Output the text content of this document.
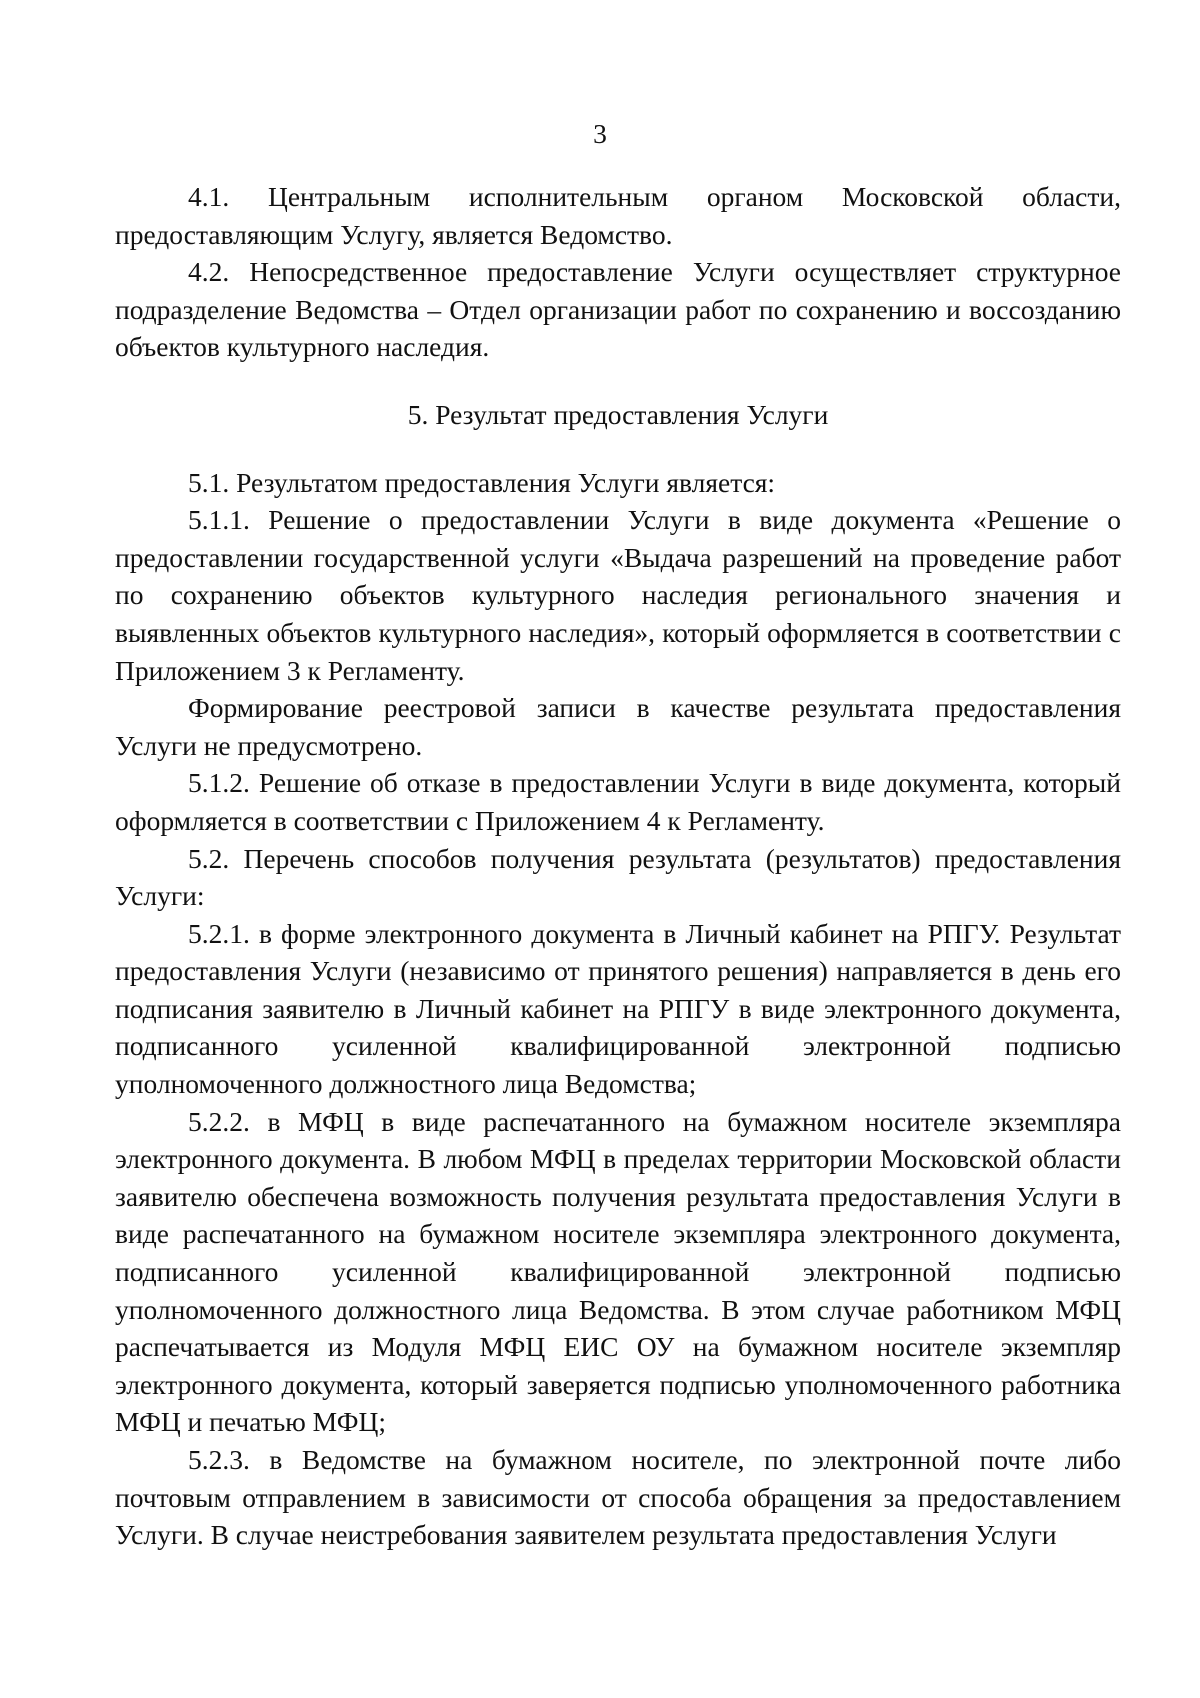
3

4.1. Центральным исполнительным органом Московской области, предоставляющим Услугу, является Ведомство.

4.2. Непосредственное предоставление Услуги осуществляет структурное подразделение Ведомства – Отдел организации работ по сохранению и воссозданию объектов культурного наследия.

5. Результат предоставления Услуги

5.1. Результатом предоставления Услуги является:

5.1.1. Решение о предоставлении Услуги в виде документа «Решение о предоставлении государственной услуги «Выдача разрешений на проведение работ по сохранению объектов культурного наследия регионального значения и выявленных объектов культурного наследия», который оформляется в соответствии с Приложением 3 к Регламенту.

Формирование реестровой записи в качестве результата предоставления Услуги не предусмотрено.

5.1.2. Решение об отказе в предоставлении Услуги в виде документа, который оформляется в соответствии с Приложением 4 к Регламенту.

5.2. Перечень способов получения результата (результатов) предоставления Услуги:

5.2.1. в форме электронного документа в Личный кабинет на РПГУ. Результат предоставления Услуги (независимо от принятого решения) направляется в день его подписания заявителю в Личный кабинет на РПГУ в виде электронного документа, подписанного усиленной квалифицированной электронной подписью уполномоченного должностного лица Ведомства;

5.2.2. в МФЦ в виде распечатанного на бумажном носителе экземпляра электронного документа. В любом МФЦ в пределах территории Московской области заявителю обеспечена возможность получения результата предоставления Услуги в виде распечатанного на бумажном носителе экземпляра электронного документа, подписанного усиленной квалифицированной электронной подписью уполномоченного должностного лица Ведомства. В этом случае работником МФЦ распечатывается из Модуля МФЦ ЕИС ОУ на бумажном носителе экземпляр электронного документа, который заверяется подписью уполномоченного работника МФЦ и печатью МФЦ;

5.2.3. в Ведомстве на бумажном носителе, по электронной почте либо почтовым отправлением в зависимости от способа обращения за предоставлением Услуги. В случае неистребования заявителем результата предоставления Услуги
